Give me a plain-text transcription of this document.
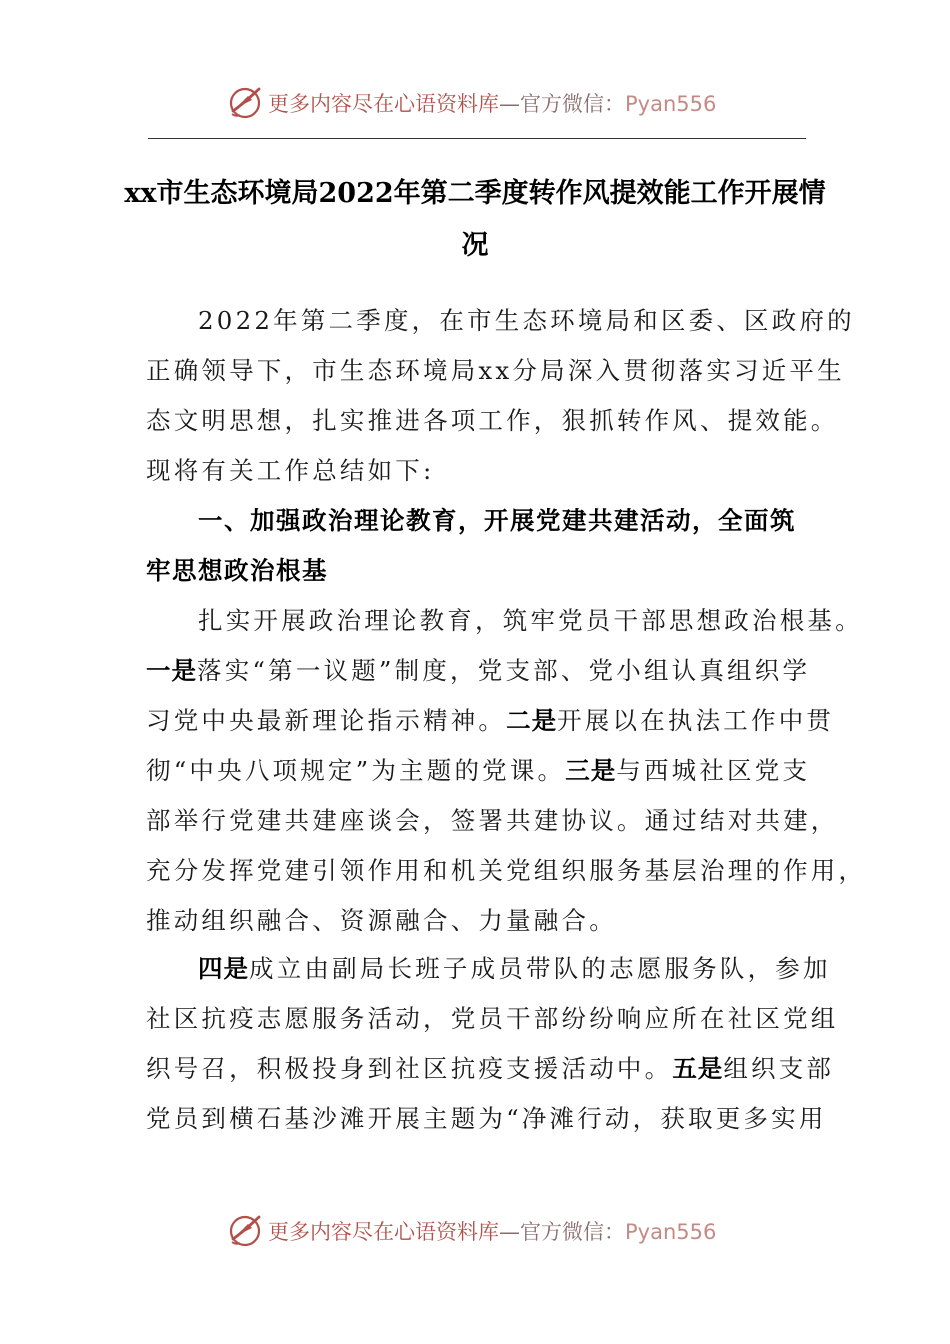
更多内容尽在心语资料库—官方微信：Pyan556
xx市生态环境局2022年第二季度转作风提效能工作开展情
况
2022年第二季度，在市生态环境局和区委、区政府的
正确领导下，市生态环境局xx分局深入贯彻落实习近平生
态文明思想，扎实推进各项工作，狠抓转作风、提效能。
现将有关工作总结如下:
一、加强政治理论教育，开展党建共建活动，全面筑
牢思想政治根基
扎实开展政治理论教育，筑牢党员干部思想政治根基。
一是落实“第一议题”制度，党支部、党小组认真组织学
习党中央最新理论指示精神。二是开展以在执法工作中贯
彻“中央八项规定”为主题的党课。三是与西城社区党支
部举行党建共建座谈会，签署共建协议。通过结对共建，
充分发挥党建引领作用和机关党组织服务基层治理的作用，
推动组织融合、资源融合、力量融合。
四是成立由副局长班子成员带队的志愿服务队，参加
社区抗疫志愿服务活动，党员干部纷纷响应所在社区党组
织号召，积极投身到社区抗疫支援活动中。五是组织支部
党员到横石基沙滩开展主题为“净滩行动，获取更多实用
更多内容尽在心语资料库—官方微信：Pyan556
